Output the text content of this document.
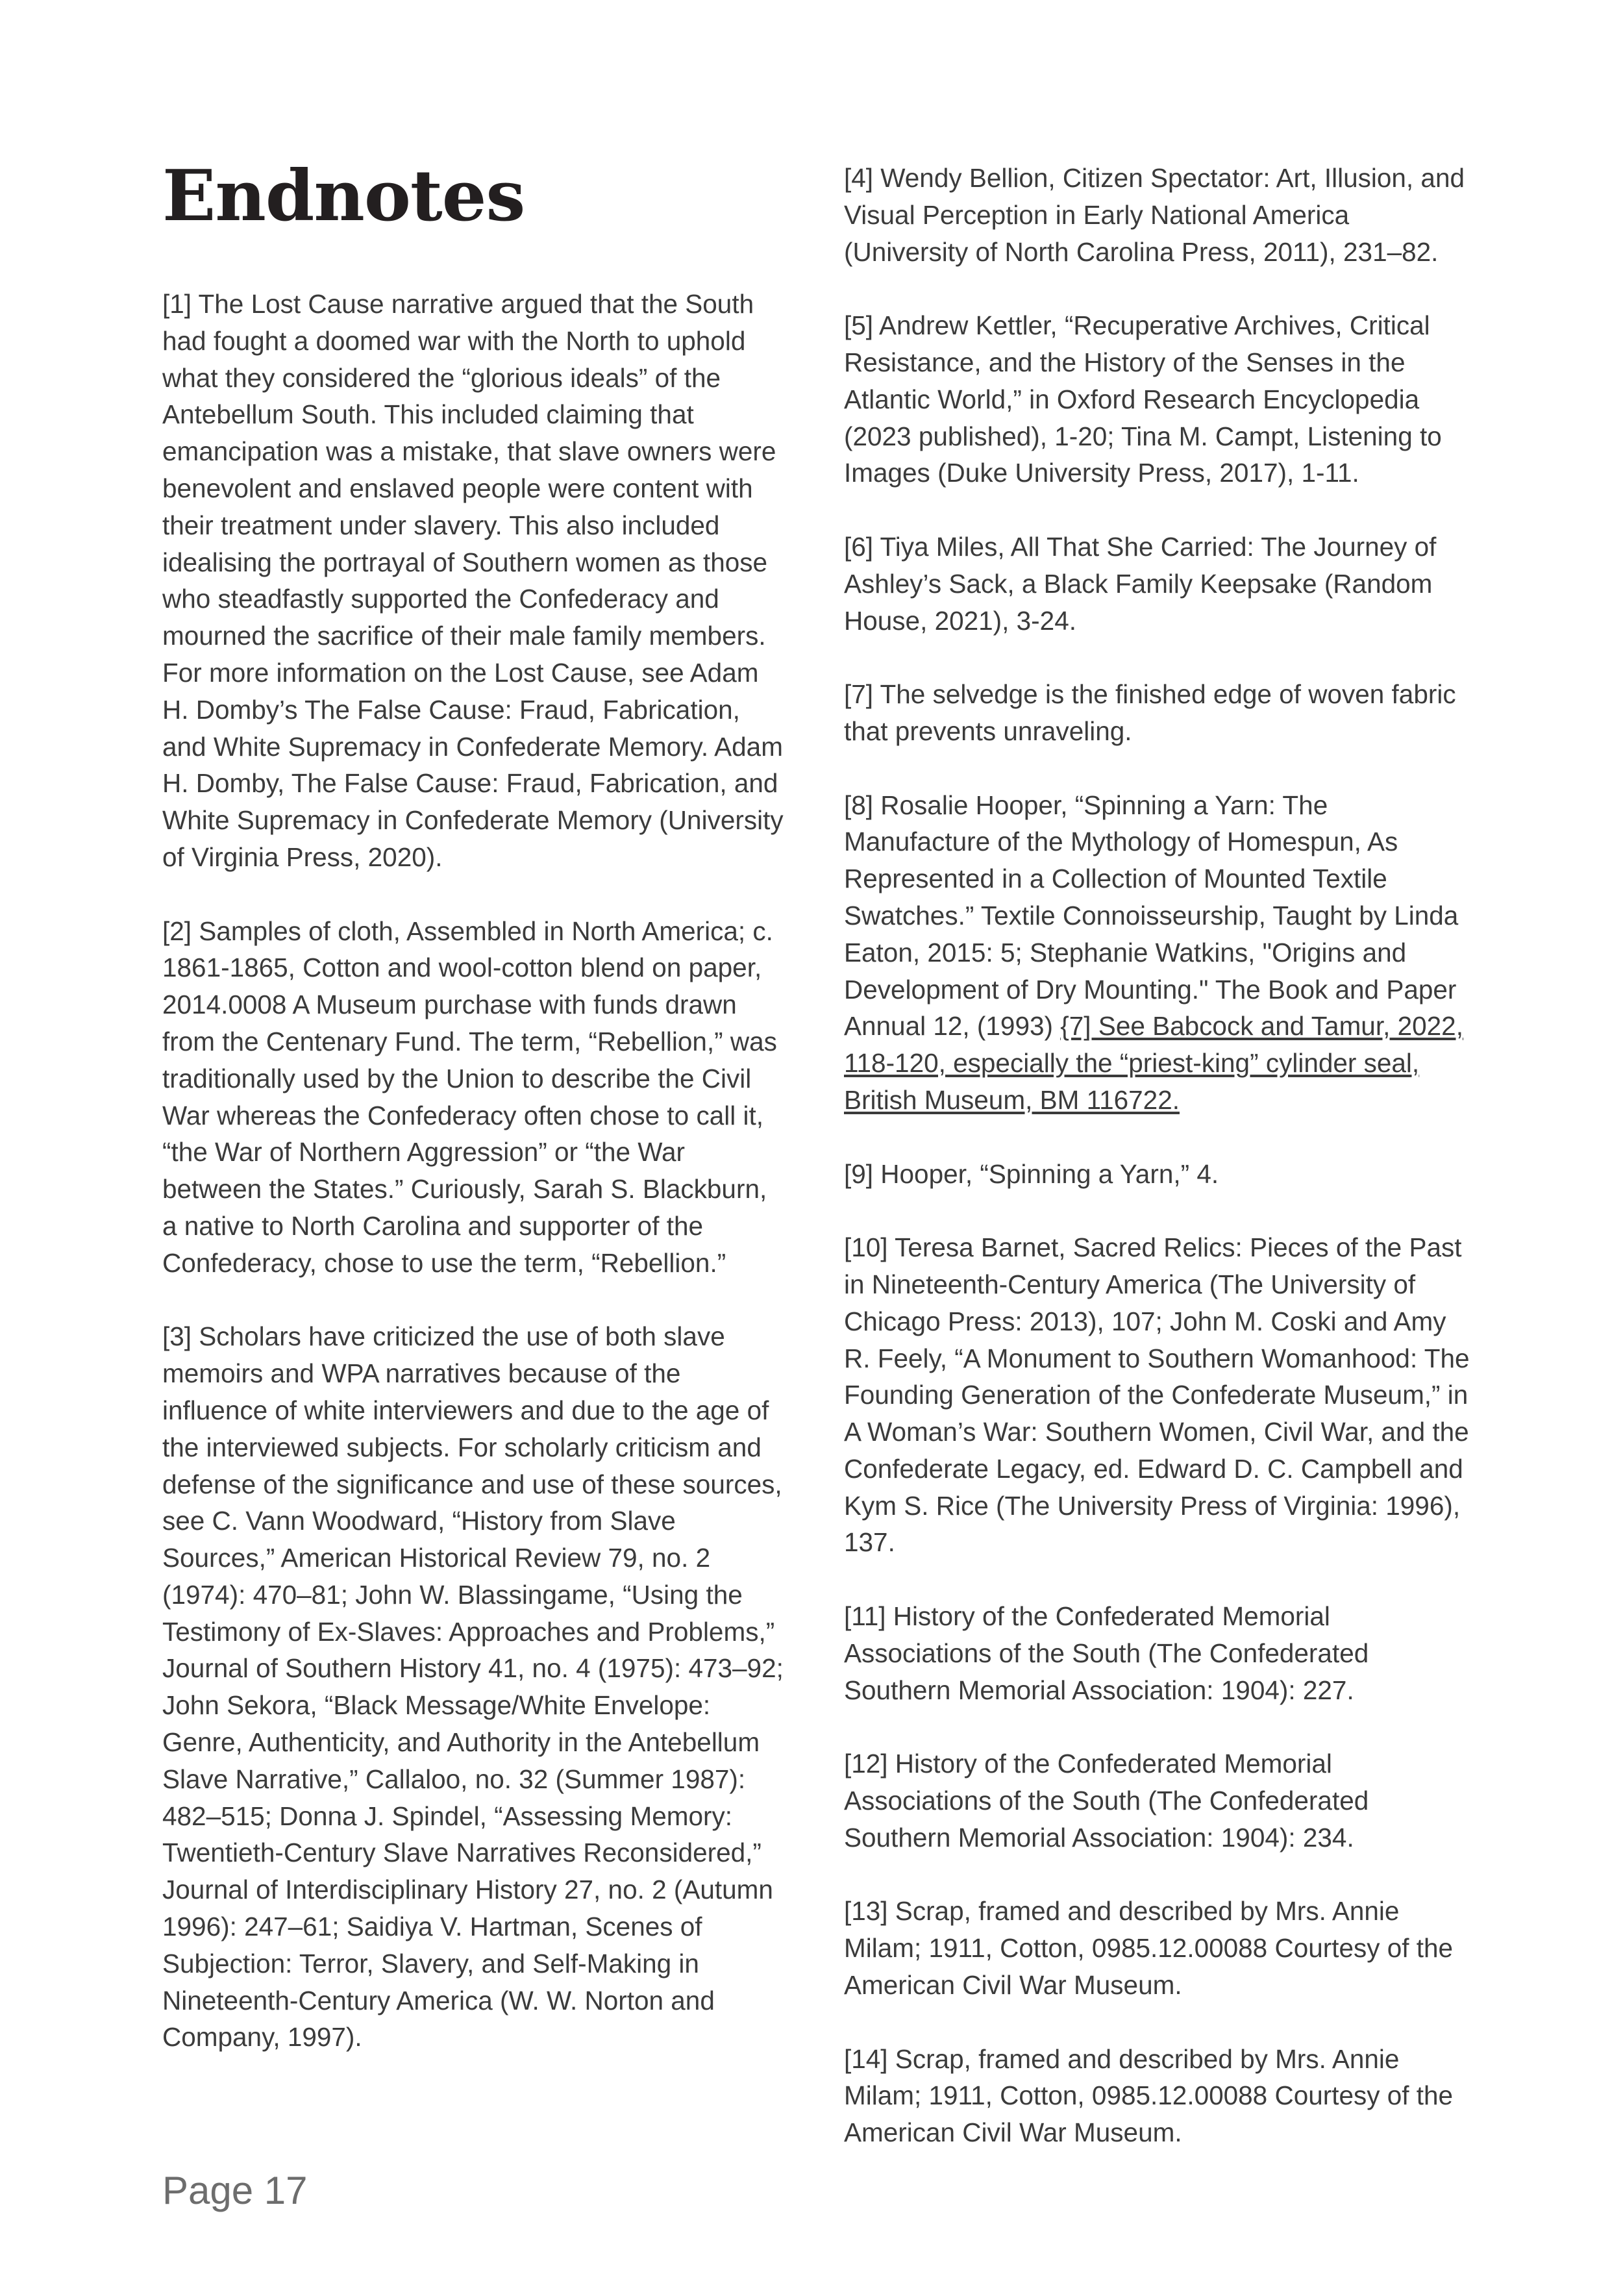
Endnotes

[1] The Lost Cause narrative argued that the South had fought a doomed war with the North to uphold what they considered the “glorious ideals” of the Antebellum South. This included claiming that emancipation was a mistake, that slave owners were benevolent and enslaved people were content with their treatment under slavery. This also included idealising the portrayal of Southern women as those who steadfastly supported the Confederacy and mourned the sacrifice of their male family members. For more information on the Lost Cause, see Adam H. Domby’s The False Cause: Fraud, Fabrication, and White Supremacy in Confederate Memory. Adam H. Domby, The False Cause: Fraud, Fabrication, and White Supremacy in Confederate Memory (University of Virginia Press, 2020).

[2] Samples of cloth, Assembled in North America; c. 1861-1865, Cotton and wool-cotton blend on paper, 2014.0008 A Museum purchase with funds drawn from the Centenary Fund. The term, “Rebellion,” was traditionally used by the Union to describe the Civil War whereas the Confederacy often chose to call it, “the War of Northern Aggression” or “the War between the States.” Curiously, Sarah S. Blackburn, a native to North Carolina and supporter of the Confederacy, chose to use the term, “Rebellion.”

[3] Scholars have criticized the use of both slave memoirs and WPA narratives because of the influence of white interviewers and due to the age of the interviewed subjects. For scholarly criticism and defense of the significance and use of these sources, see C. Vann Woodward, “History from Slave Sources,” American Historical Review 79, no. 2 (1974): 470–81; John W. Blassingame, “Using the Testimony of Ex-Slaves: Approaches and Problems,” Journal of Southern History 41, no. 4 (1975): 473–92; John Sekora, “Black Message/White Envelope: Genre, Authenticity, and Authority in the Antebellum Slave Narrative,” Callaloo, no. 32 (Summer 1987): 482–515; Donna J. Spindel, “Assessing Memory: Twentieth-Century Slave Narratives Reconsidered,” Journal of Interdisciplinary History 27, no. 2 (Autumn 1996): 247–61; Saidiya V. Hartman, Scenes of Subjection: Terror, Slavery, and Self-Making in Nineteenth-Century America (W. W. Norton and Company, 1997).

[4] Wendy Bellion, Citizen Spectator: Art, Illusion, and Visual Perception in Early National America (University of North Carolina Press, 2011), 231–82.

[5] Andrew Kettler, “Recuperative Archives, Critical Resistance, and the History of the Senses in the Atlantic World,” in Oxford Research Encyclopedia (2023 published), 1-20; Tina M. Campt, Listening to Images (Duke University Press, 2017), 1-11.

[6] Tiya Miles, All That She Carried: The Journey of Ashley’s Sack, a Black Family Keepsake (Random House, 2021), 3-24.

[7] The selvedge is the finished edge of woven fabric that prevents unraveling.

[8] Rosalie Hooper, “Spinning a Yarn: The Manufacture of the Mythology of Homespun, As Represented in a Collection of Mounted Textile Swatches.” Textile Connoisseurship, Taught by Linda Eaton, 2015: 5; Stephanie Watkins, "Origins and Development of Dry Mounting." The Book and Paper Annual 12, (1993) {7] See Babcock and Tamur, 2022, 118-120, especially the “priest-king” cylinder seal, British Museum, BM 116722.

[9] Hooper, “Spinning a Yarn,” 4.

[10] Teresa Barnet, Sacred Relics: Pieces of the Past in Nineteenth-Century America (The University of Chicago Press: 2013), 107; John M. Coski and Amy R. Feely, “A Monument to Southern Womanhood: The Founding Generation of the Confederate Museum,” in A Woman’s War: Southern Women, Civil War, and the Confederate Legacy, ed. Edward D. C. Campbell and Kym S. Rice (The University Press of Virginia: 1996), 137.

[11] History of the Confederated Memorial Associations of the South (The Confederated Southern Memorial Association: 1904): 227.

[12] History of the Confederated Memorial Associations of the South (The Confederated Southern Memorial Association: 1904): 234.

[13] Scrap, framed and described by Mrs. Annie Milam; 1911, Cotton, 0985.12.00088 Courtesy of the American Civil War Museum.

[14] Scrap, framed and described by Mrs. Annie Milam; 1911, Cotton, 0985.12.00088 Courtesy of the American Civil War Museum.

Page 17
